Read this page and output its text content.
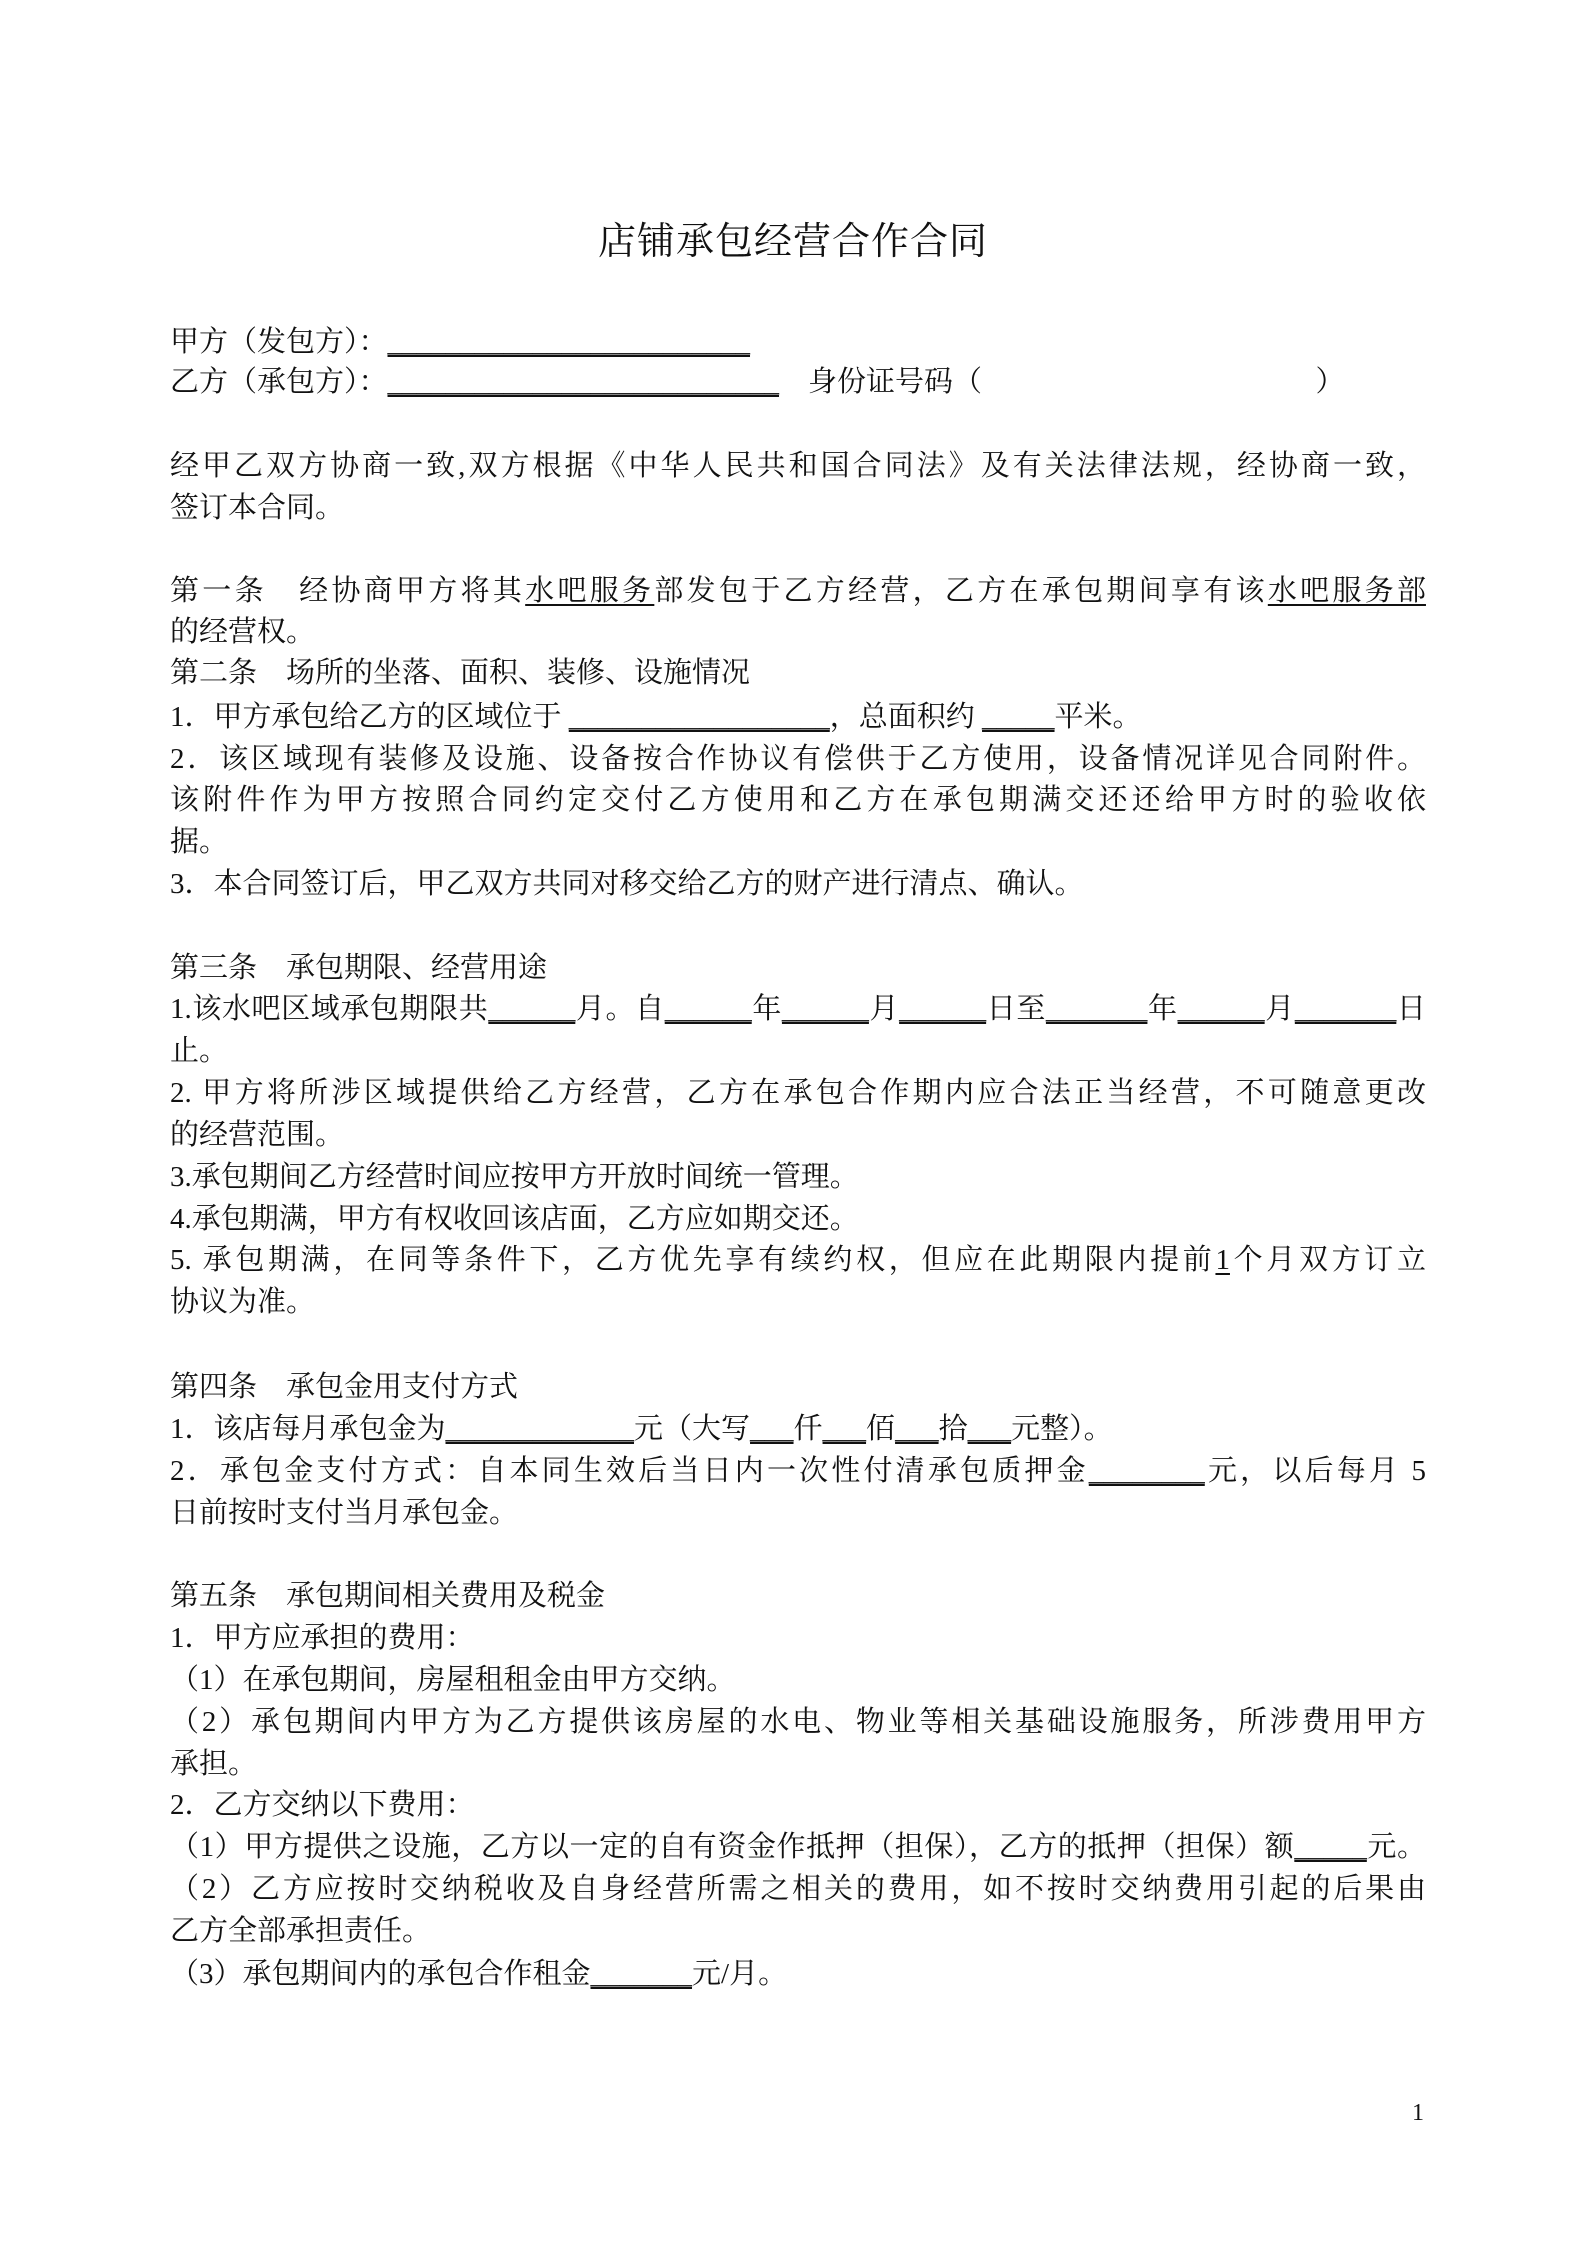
店铺承包经营合作合同
甲方（发包方）：_________________________
乙方（承包方）：___________________________    身份证号码（                                              ）
经甲乙双方协商一致,双方根据《中华人民共和国合同法》及有关法律法规，经协商一致，
签订本合同。
第一条　经协商甲方将其水吧服务部发包于乙方经营，乙方在承包期间享有该水吧服务部
的经营权。
第二条　场所的坐落、面积、装修、设施情况
1．甲方承包给乙方的区域位于 __________________，总面积约 _____平米。
2．该区域现有装修及设施、设备按合作协议有偿供于乙方使用，设备情况详见合同附件。
该附件作为甲方按照合同约定交付乙方使用和乙方在承包期满交还还给甲方时的验收依
据。
3．本合同签订后，甲乙双方共同对移交给乙方的财产进行清点、确认。
第三条　承包期限、经营用途
1.该水吧区域承包期限共______月。自______年______月______日至_______年______月_______日
止。
2. 甲方将所涉区域提供给乙方经营，乙方在承包合作期内应合法正当经营，不可随意更改
的经营范围。
3.承包期间乙方经营时间应按甲方开放时间统一管理。
4.承包期满，甲方有权收回该店面，乙方应如期交还。
5. 承包期满，在同等条件下，乙方优先享有续约权，但应在此期限内提前1个月双方订立
协议为准。
第四条　承包金用支付方式
1．该店每月承包金为_____________元（大写___仟___佰___拾___元整）。
2．承包金支付方式：自本同生效后当日内一次性付清承包质押金________元，以后每月 5
日前按时支付当月承包金。
第五条　承包期间相关费用及税金
1．甲方应承担的费用：
（1）在承包期间，房屋租租金由甲方交纳。
（2）承包期间内甲方为乙方提供该房屋的水电、物业等相关基础设施服务，所涉费用甲方
承担。
2．乙方交纳以下费用：
（1）甲方提供之设施，乙方以一定的自有资金作抵押（担保），乙方的抵押（担保）额_____元。
（2）乙方应按时交纳税收及自身经营所需之相关的费用，如不按时交纳费用引起的后果由
乙方全部承担责任。
（3）承包期间内的承包合作租金_______元/月。
1
